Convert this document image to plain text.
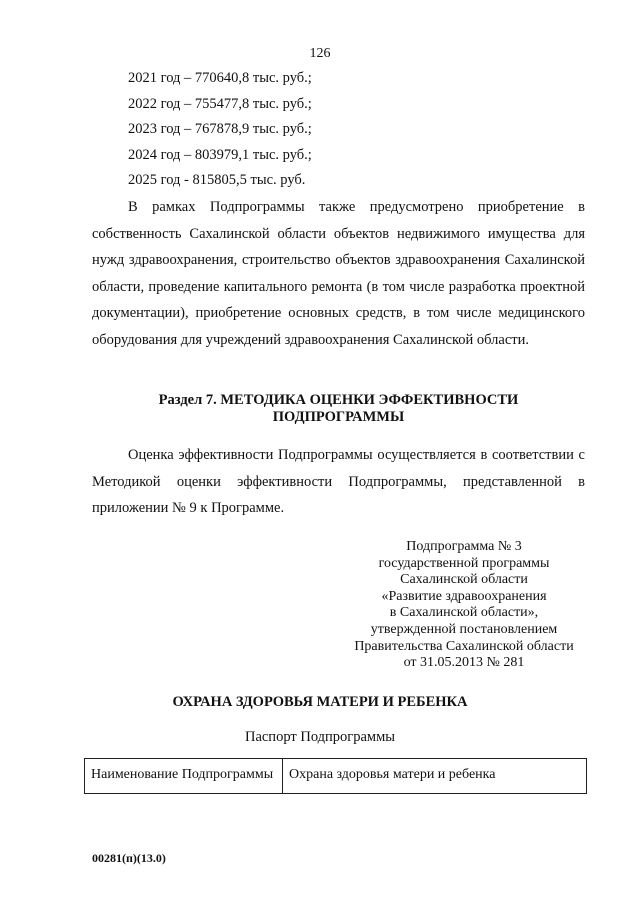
126
2021 год – 770640,8 тыс. руб.;
2022 год – 755477,8 тыс. руб.;
2023 год – 767878,9 тыс. руб.;
2024 год – 803979,1 тыс. руб.;
2025 год - 815805,5 тыс. руб.

В рамках Подпрограммы также предусмотрено приобретение в собственность Сахалинской области объектов недвижимого имущества для нужд здравоохранения, строительство объектов здравоохранения Сахалинской области, проведение капитального ремонта (в том числе разработка проектной документации), приобретение основных средств, в том числе медицинского оборудования для учреждений здравоохранения Сахалинской области.

Раздел 7. МЕТОДИКА ОЦЕНКИ ЭФФЕКТИВНОСТИ
ПОДПРОГРАММЫ

Оценка эффективности Подпрограммы осуществляется в соответствии с Методикой оценки эффективности Подпрограммы, представленной в приложении № 9 к Программе.

Подпрограмма № 3
государственной программы
Сахалинской области
«Развитие здравоохранения
в Сахалинской области»,
утвержденной постановлением
Правительства Сахалинской области
от 31.05.2013 № 281
ОХРАНА ЗДОРОВЬЯ МАТЕРИ И РЕБЕНКА
Паспорт Подпрограммы
Наименование Подпрограммы	Охрана здоровья матери и ребенка
00281(п)(13.0)
